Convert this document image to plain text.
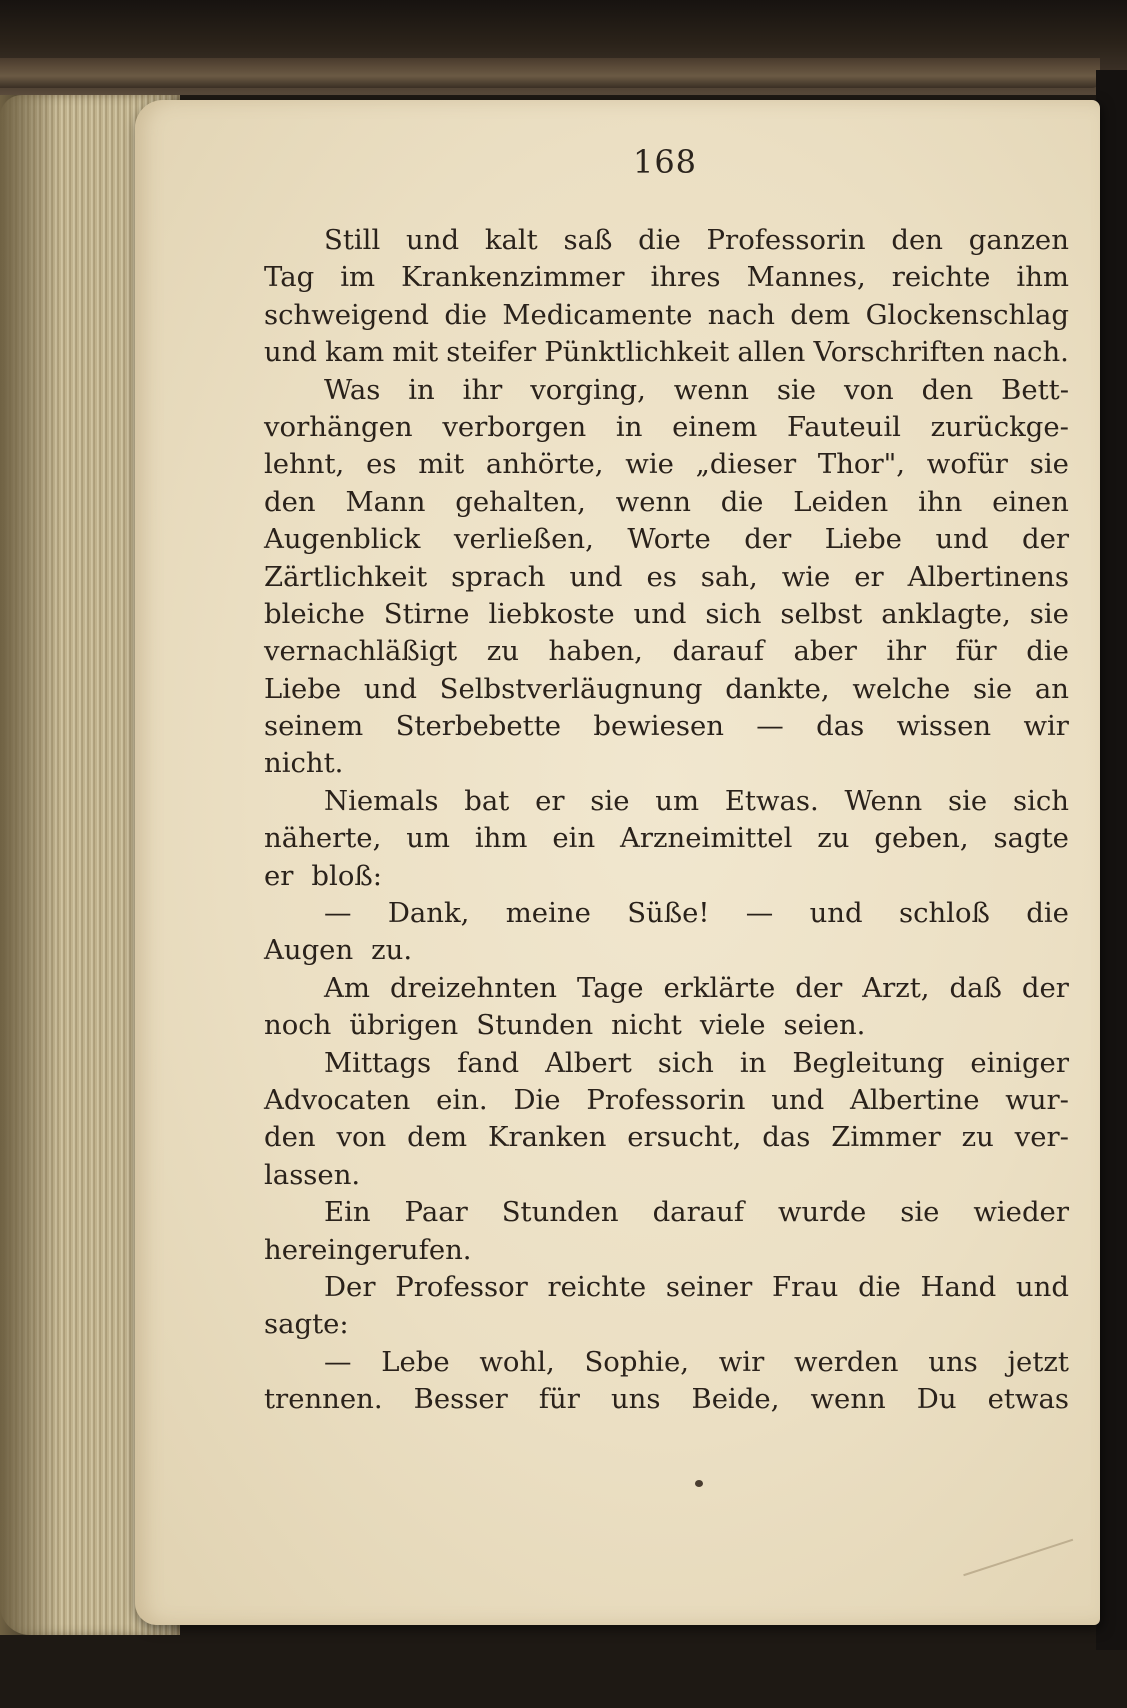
168
Still und kalt saß die Professorin den ganzen
Tag im Krankenzimmer ihres Mannes, reichte ihm
schweigend die Medicamente nach dem Glockenschlag
und kam mit steifer Pünktlichkeit allen Vorschriften nach.
Was in ihr vorging, wenn sie von den Bett-
vorhängen verborgen in einem Fauteuil zurückge-
lehnt, es mit anhörte, wie „dieser Thor", wofür sie
den Mann gehalten, wenn die Leiden ihn einen
Augenblick verließen, Worte der Liebe und der
Zärtlichkeit sprach und es sah, wie er Albertinens
bleiche Stirne liebkoste und sich selbst anklagte, sie
vernachläßigt zu haben, darauf aber ihr für die
Liebe und Selbstverläugnung dankte, welche sie an
seinem Sterbebette bewiesen — das wissen wir
nicht.
Niemals bat er sie um Etwas. Wenn sie sich
näherte, um ihm ein Arzneimittel zu geben, sagte
er bloß:
— Dank, meine Süße! — und schloß die
Augen zu.
Am dreizehnten Tage erklärte der Arzt, daß der
noch übrigen Stunden nicht viele seien.
Mittags fand Albert sich in Begleitung einiger
Advocaten ein. Die Professorin und Albertine wur-
den von dem Kranken ersucht, das Zimmer zu ver-
lassen.
Ein Paar Stunden darauf wurde sie wieder
hereingerufen.
Der Professor reichte seiner Frau die Hand und
sagte:
— Lebe wohl, Sophie, wir werden uns jetzt
trennen. Besser für uns Beide, wenn Du etwas
